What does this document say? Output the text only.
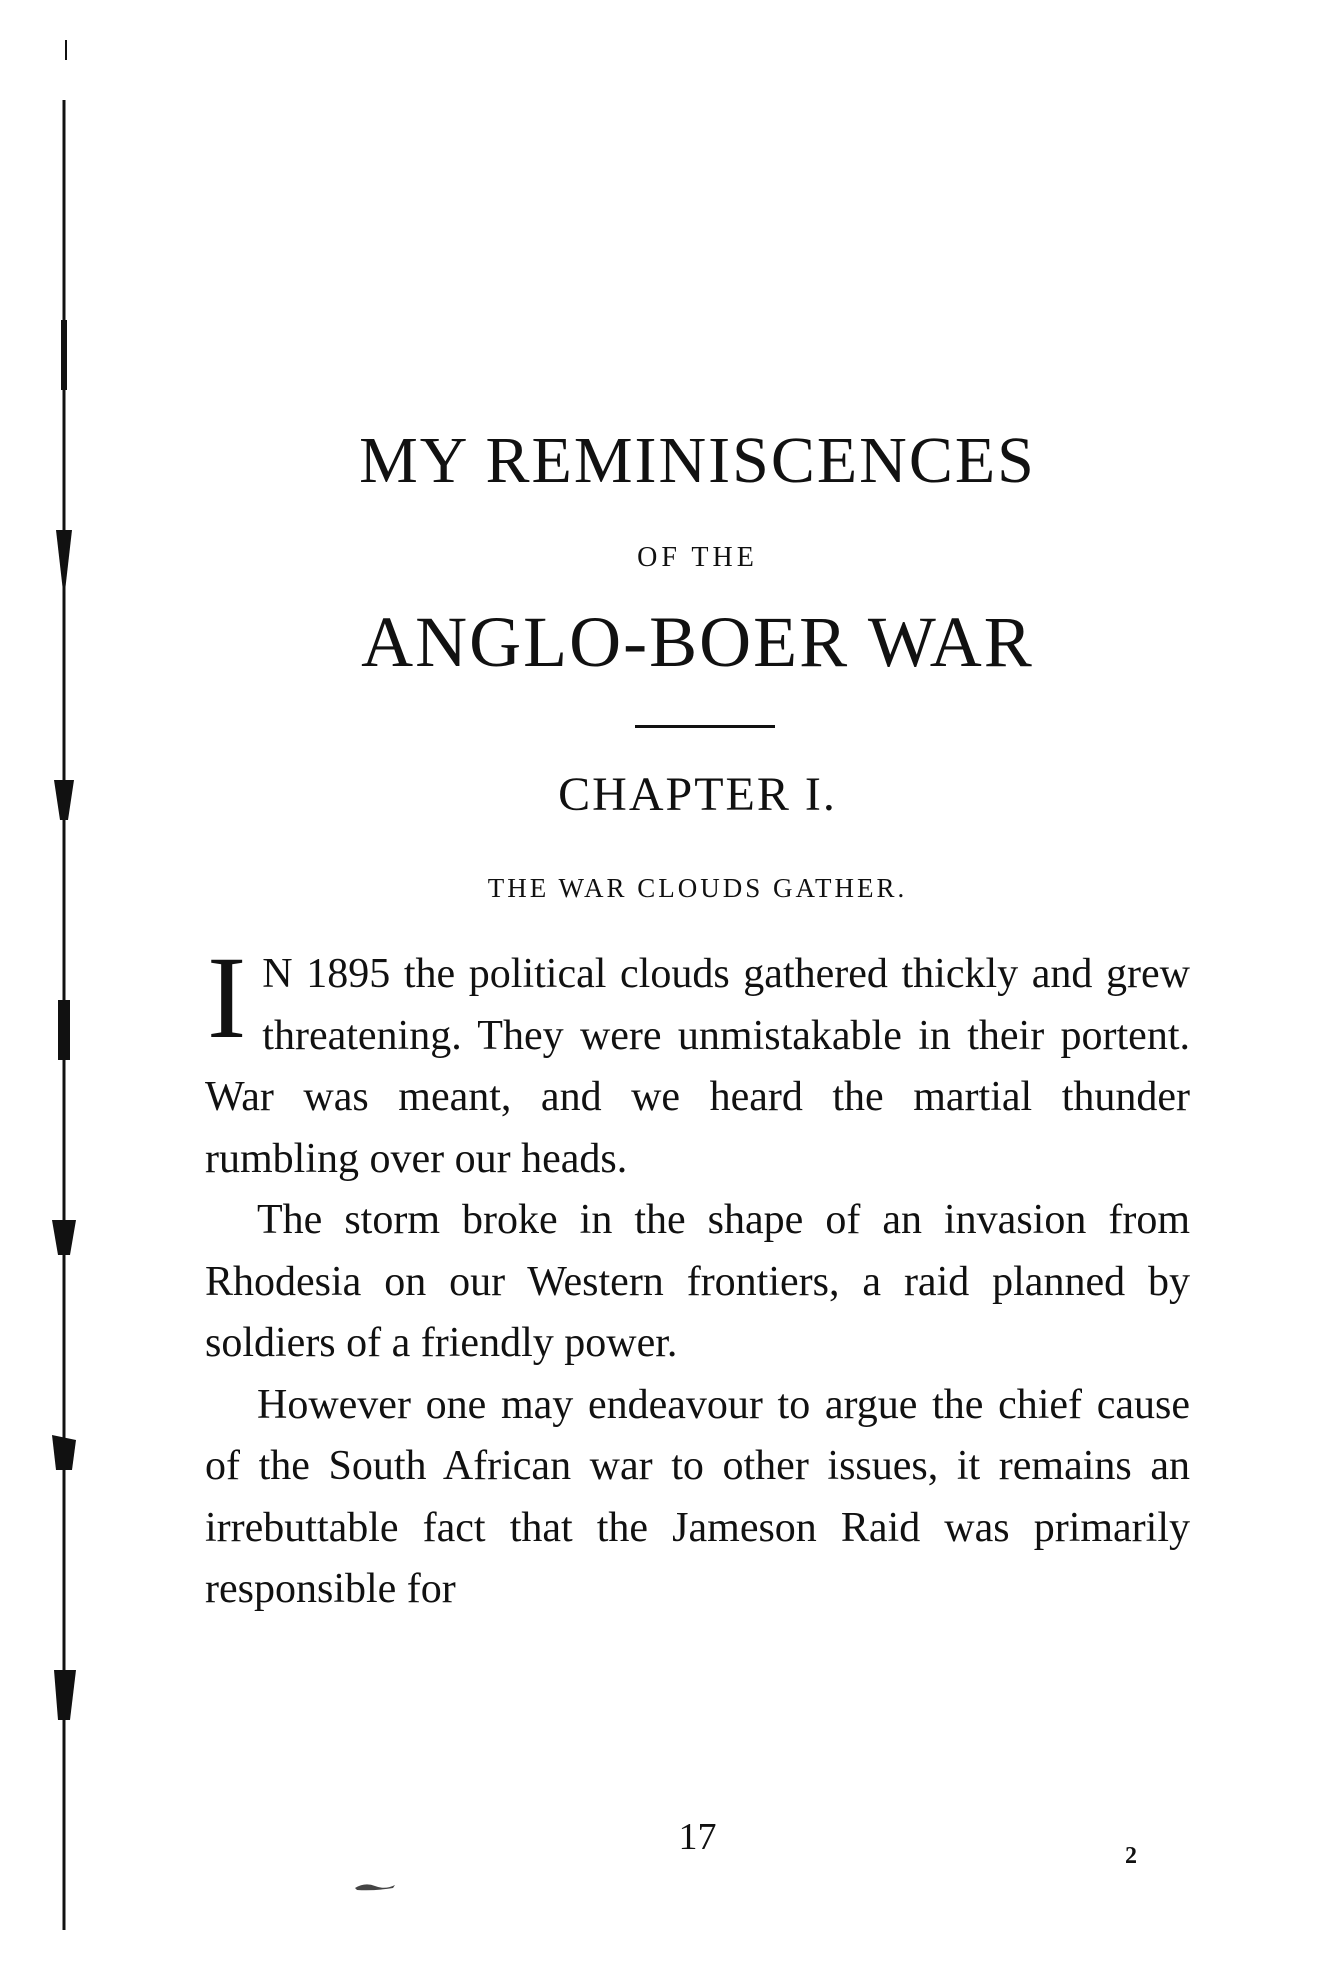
MY REMINISCENCES
OF THE
ANGLO-BOER WAR
CHAPTER I.
THE WAR CLOUDS GATHER.

I N 1895 the political clouds gathered thickly and grew threatening. They were unmistakable in their portent. War was meant, and we heard the martial thunder rumbling over our heads.

The storm broke in the shape of an invasion from Rhodesia on our Western frontiers, a raid planned by soldiers of a friendly power.

However one may endeavour to argue the chief cause of the South African war to other issues, it remains an irrebuttable fact that the Jameson Raid was primarily responsible for

17	2
